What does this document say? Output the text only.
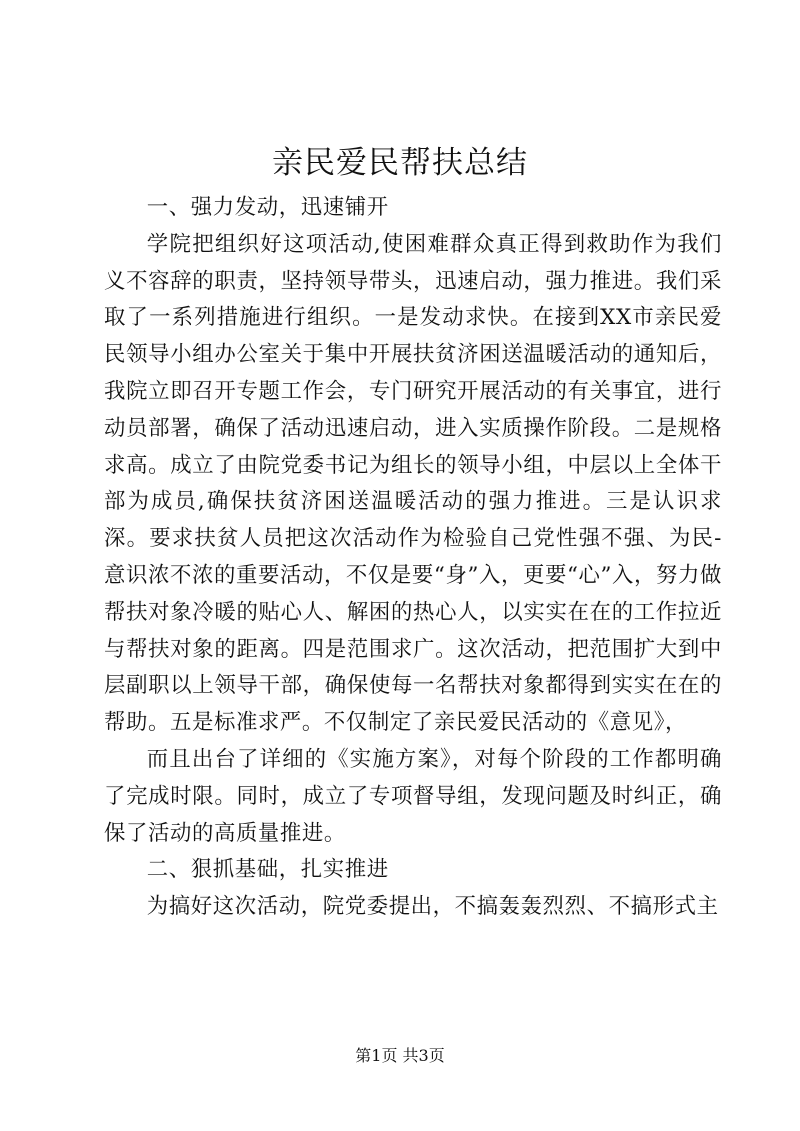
亲民爱民帮扶总结

一、强力发动，迅速铺开

学院把组织好这项活动,使困难群众真正得到救助作为我们义不容辞的职责，坚持领导带头，迅速启动，强力推进。我们采取了一系列措施进行组织。一是发动求快。在接到XX市亲民爱民领导小组办公室关于集中开展扶贫济困送温暖活动的通知后，我院立即召开专题工作会，专门研究开展活动的有关事宜，进行动员部署，确保了活动迅速启动，进入实质操作阶段。二是规格求高。成立了由院党委书记为组长的领导小组，中层以上全体干部为成员,确保扶贫济困送温暖活动的强力推进。三是认识求深。要求扶贫人员把这次活动作为检验自己党性强不强、为民-意识浓不浓的重要活动，不仅是要“身”入，更要“心”入，努力做帮扶对象冷暖的贴心人、解困的热心人，以实实在在的工作拉近与帮扶对象的距离。四是范围求广。这次活动，把范围扩大到中层副职以上领导干部，确保使每一名帮扶对象都得到实实在在的帮助。五是标准求严。不仅制定了亲民爱民活动的《意见》，

而且出台了详细的《实施方案》，对每个阶段的工作都明确了完成时限。同时，成立了专项督导组，发现问题及时纠正，确保了活动的高质量推进。

二、狠抓基础，扎实推进

为搞好这次活动，院党委提出，不搞轰轰烈烈、不搞形式主

第1页 共3页
